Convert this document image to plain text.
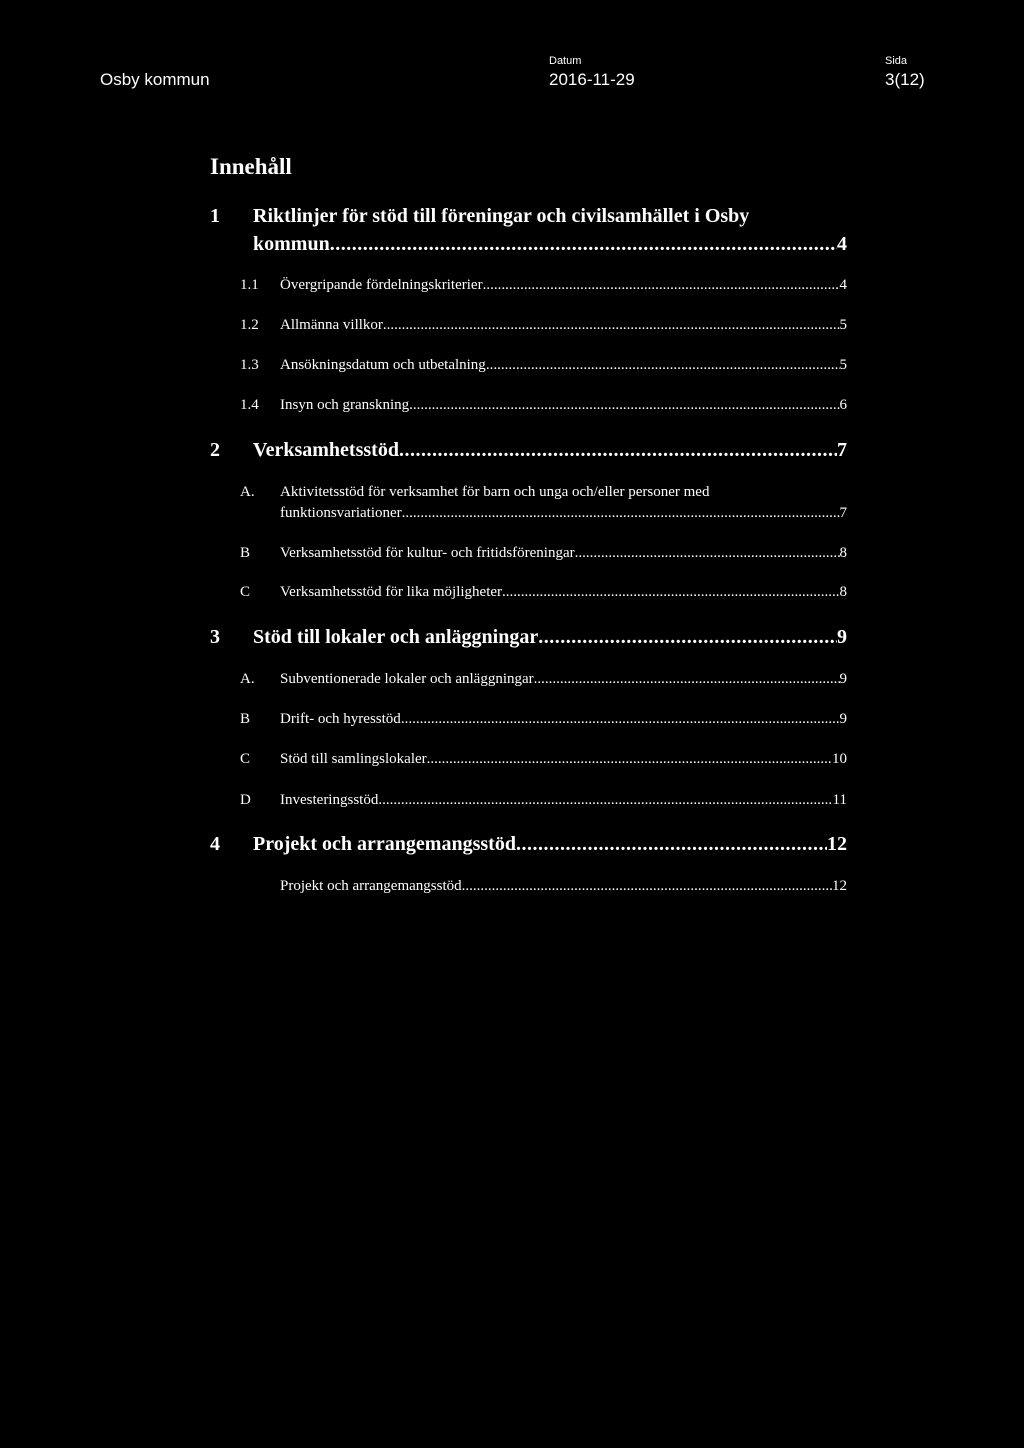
Osby kommun
Datum
2016-11-29
Sida
3(12)
Innehåll
1 Riktlinjer för stöd till föreningar och civilsamhället i Osby
kommun .....	4
1.1 Övergripande fördelningskriterier .....	4
1.2 Allmänna villkor .....	5
1.3 Ansökningsdatum och utbetalning .....	5
1.4 Insyn och granskning .....	6
2 Verksamhetsstöd .....	7
A. Aktivitetsstöd för verksamhet för barn och unga och/eller personer med
funktionsvariationer .....	7
B Verksamhetsstöd för kultur- och fritidsföreningar .....	8
C Verksamhetsstöd för lika möjligheter .....	8
3 Stöd till lokaler och anläggningar .....	9
A. Subventionerade lokaler och anläggningar .....	9
B Drift- och hyresstöd .....	9
C Stöd till samlingslokaler .....	10
D Investeringsstöd .....	11
4 Projekt och arrangemangsstöd .....	12
Projekt och arrangemangsstöd .....	12
